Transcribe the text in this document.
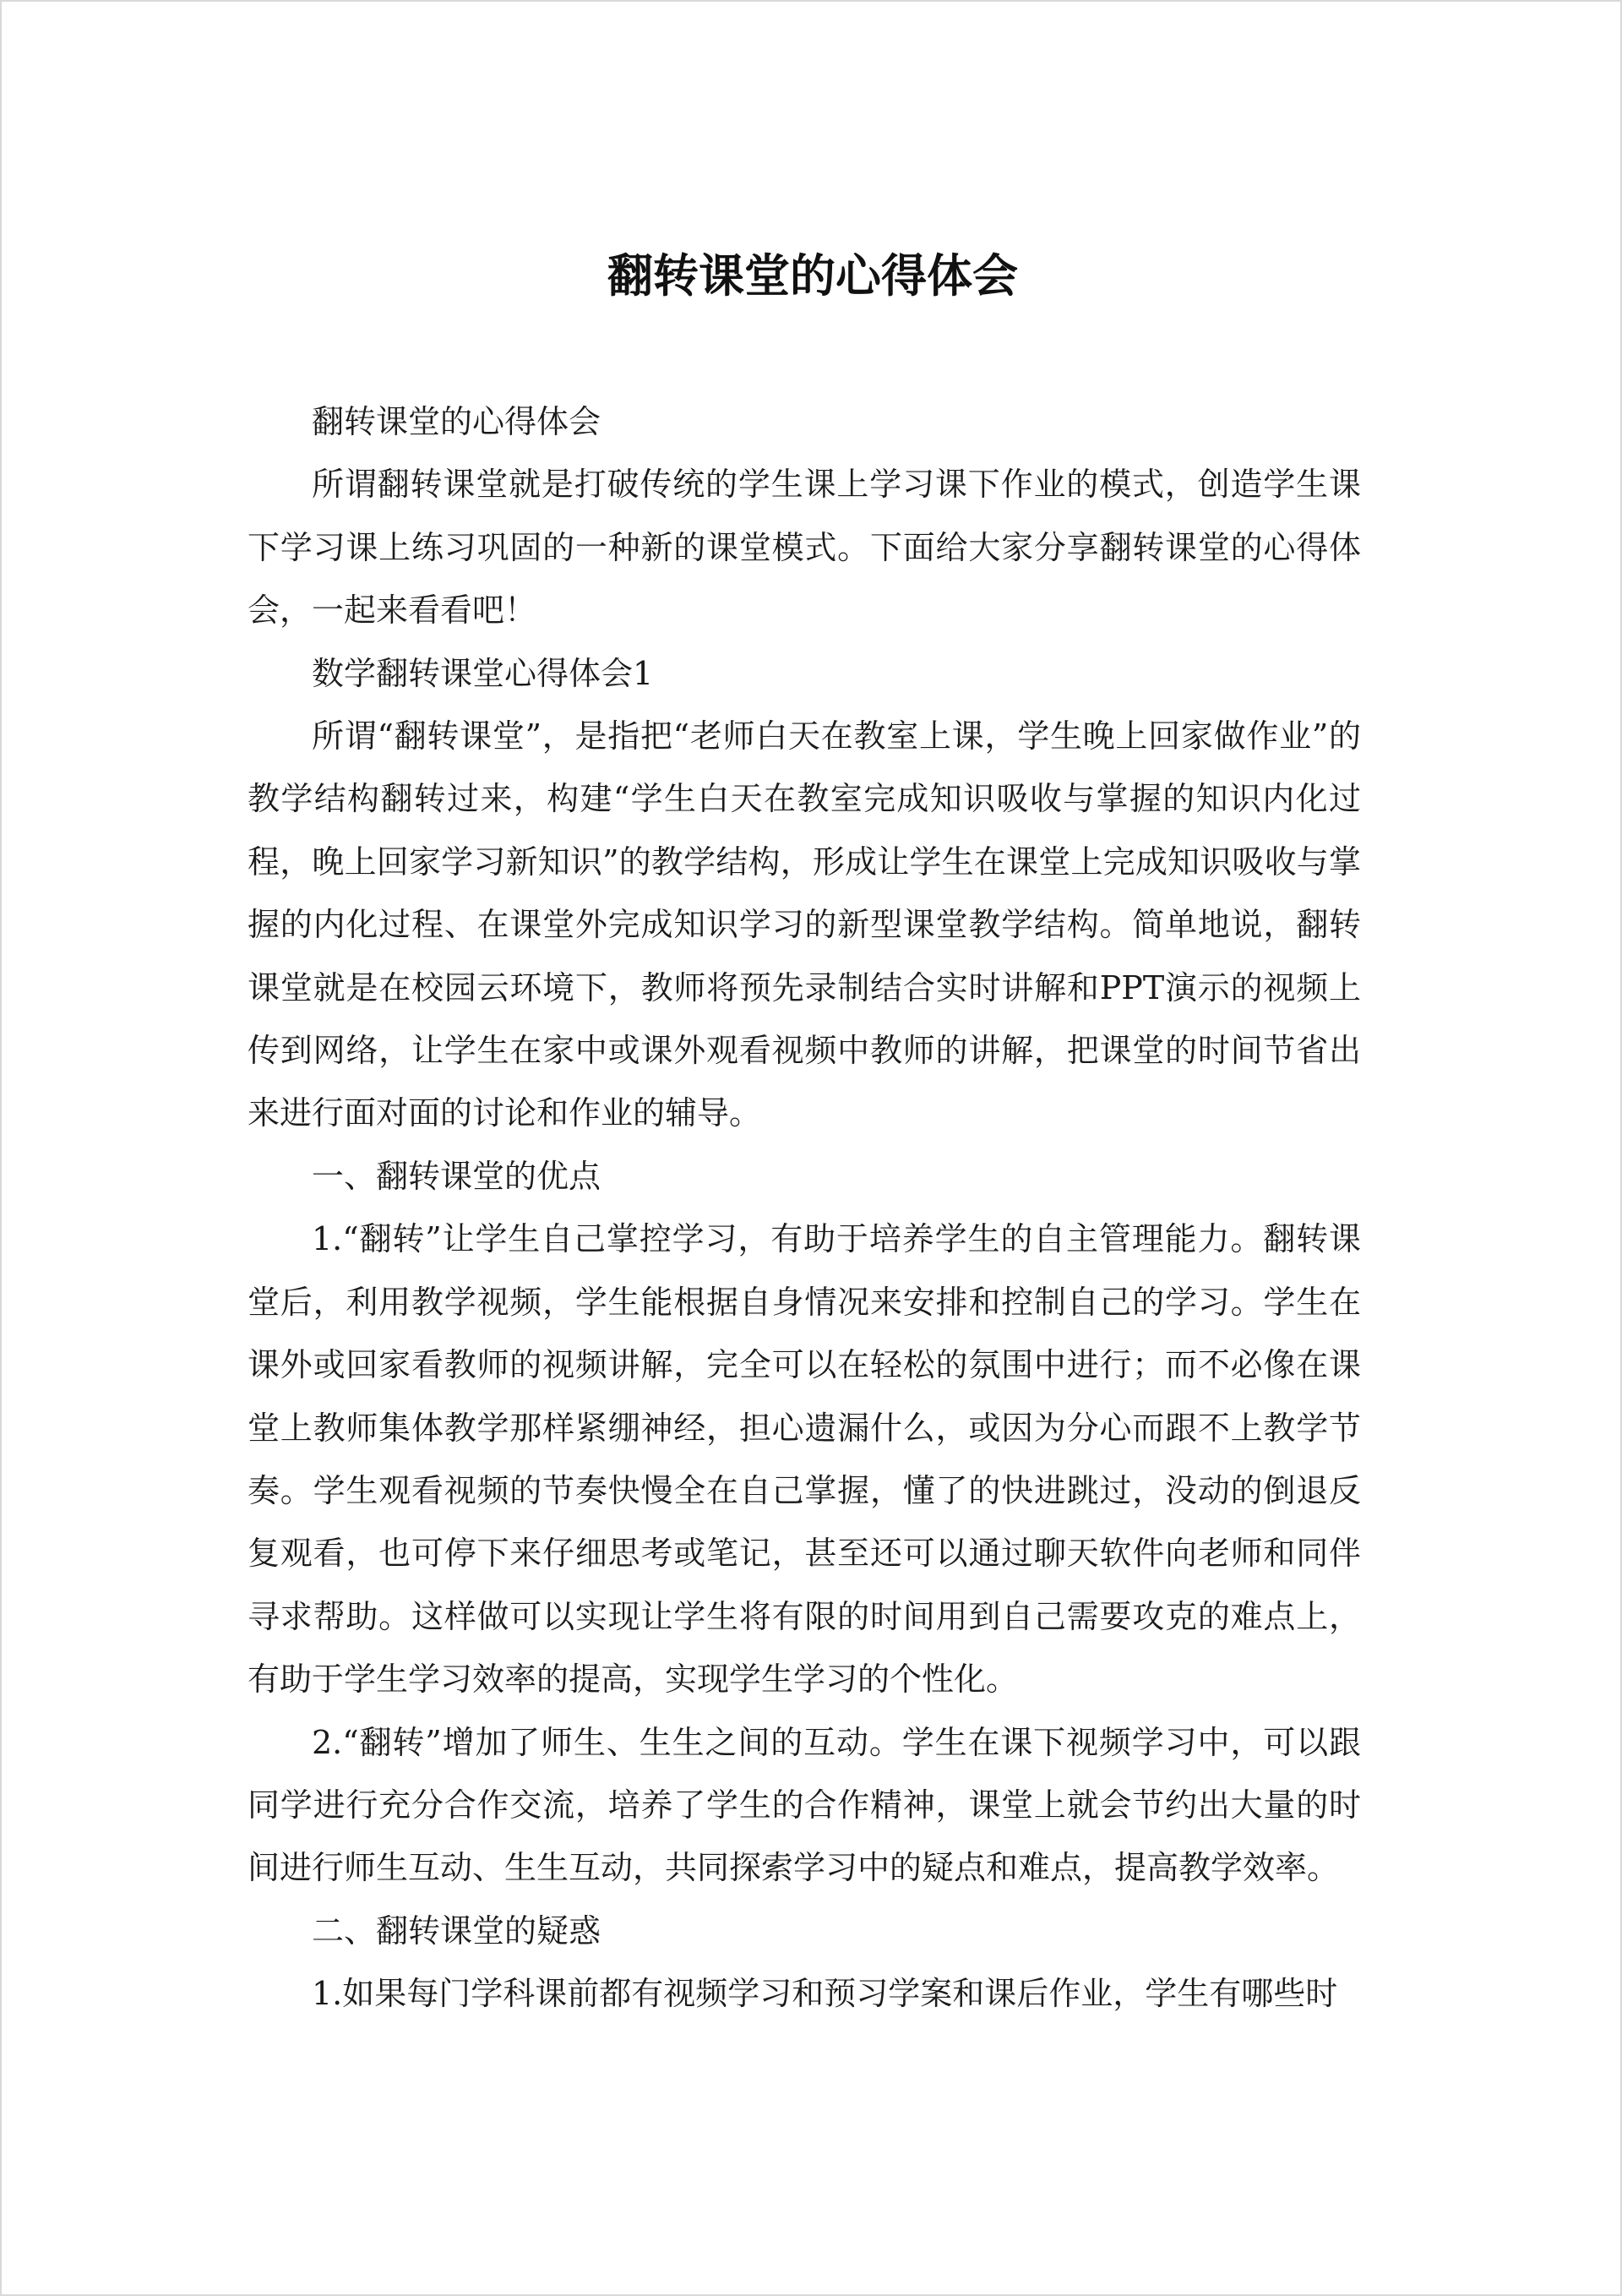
翻转课堂的心得体会

翻转课堂的心得体会

所谓翻转课堂就是打破传统的学生课上学习课下作业的模式，创造学生课下学习课上练习巩固的一种新的课堂模式。下面给大家分享翻转课堂的心得体会，一起来看看吧！

数学翻转课堂心得体会1

所谓“翻转课堂”，是指把“老师白天在教室上课，学生晚上回家做作业”的教学结构翻转过来，构建“学生白天在教室完成知识吸收与掌握的知识内化过程，晚上回家学习新知识”的教学结构，形成让学生在课堂上完成知识吸收与掌握的内化过程、在课堂外完成知识学习的新型课堂教学结构。简单地说，翻转课堂就是在校园云环境下，教师将预先录制结合实时讲解和PPT演示的视频上传到网络，让学生在家中或课外观看视频中教师的讲解，把课堂的时间节省出来进行面对面的讨论和作业的辅导。

一、翻转课堂的优点

1.“翻转”让学生自己掌控学习，有助于培养学生的自主管理能力。翻转课堂后，利用教学视频，学生能根据自身情况来安排和控制自己的学习。学生在课外或回家看教师的视频讲解，完全可以在轻松的氛围中进行；而不必像在课堂上教师集体教学那样紧绷神经，担心遗漏什么，或因为分心而跟不上教学节奏。学生观看视频的节奏快慢全在自己掌握，懂了的快进跳过，没动的倒退反复观看，也可停下来仔细思考或笔记，甚至还可以通过聊天软件向老师和同伴寻求帮助。这样做可以实现让学生将有限的时间用到自己需要攻克的难点上，有助于学生学习效率的提高，实现学生学习的个性化。

2.“翻转”增加了师生、生生之间的互动。学生在课下视频学习中，可以跟同学进行充分合作交流，培养了学生的合作精神，课堂上就会节约出大量的时间进行师生互动、生生互动，共同探索学习中的疑点和难点，提高教学效率。

二、翻转课堂的疑惑

1.如果每门学科课前都有视频学习和预习学案和课后作业，学生有哪些时
